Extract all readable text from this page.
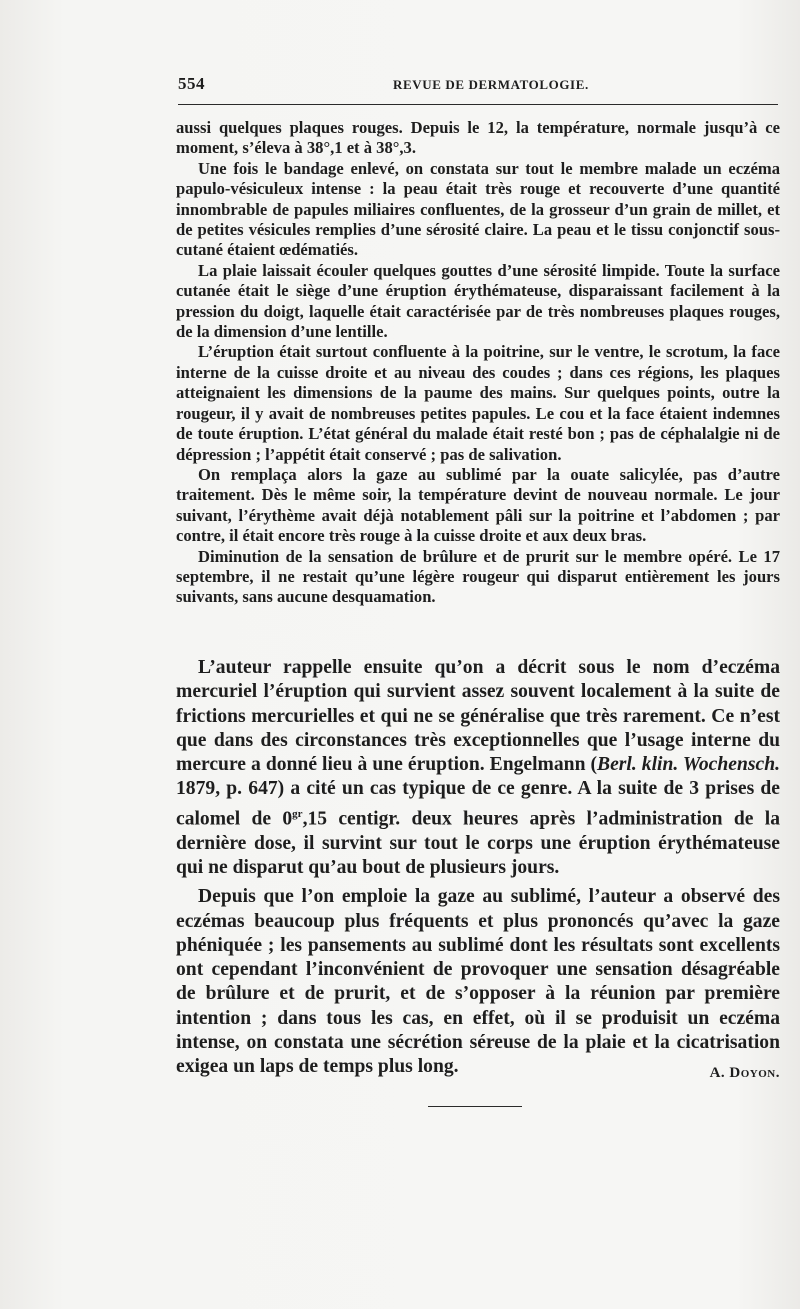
554	REVUE DE DERMATOLOGIE.

aussi quelques plaques rouges. Depuis le 12, la température, normale jusqu’à ce moment, s’éleva à 38°,1 et à 38°,3.

Une fois le bandage enlevé, on constata sur tout le membre malade un eczéma papulo-vésiculeux intense : la peau était très rouge et recouverte d’une quantité innombrable de papules miliaires confluentes, de la grosseur d’un grain de millet, et de petites vésicules remplies d’une sérosité claire. La peau et le tissu conjonctif sous-cutané étaient œdématiés.

La plaie laissait écouler quelques gouttes d’une sérosité limpide. Toute la surface cutanée était le siège d’une éruption érythémateuse, disparaissant facilement à la pression du doigt, laquelle était caractérisée par de très nombreuses plaques rouges, de la dimension d’une lentille.

L’éruption était surtout confluente à la poitrine, sur le ventre, le scrotum, la face interne de la cuisse droite et au niveau des coudes ; dans ces régions, les plaques atteignaient les dimensions de la paume des mains. Sur quelques points, outre la rougeur, il y avait de nombreuses petites papules. Le cou et la face étaient indemnes de toute éruption. L’état général du malade était resté bon ; pas de céphalalgie ni de dépression ; l’appétit était conservé ; pas de salivation.

On remplaça alors la gaze au sublimé par la ouate salicylée, pas d’autre traitement. Dès le même soir, la température devint de nouveau normale. Le jour suivant, l’érythème avait déjà notablement pâli sur la poitrine et l’abdomen ; par contre, il était encore très rouge à la cuisse droite et aux deux bras.

Diminution de la sensation de brûlure et de prurit sur le membre opéré. Le 17 septembre, il ne restait qu’une légère rougeur qui disparut entièrement les jours suivants, sans aucune desquamation.

L’auteur rappelle ensuite qu’on a décrit sous le nom d’eczéma mercuriel l’éruption qui survient assez souvent localement à la suite de frictions mercurielles et qui ne se généralise que très rarement. Ce n’est que dans des circonstances très exceptionnelles que l’usage interne du mercure a donné lieu à une éruption. Engelmann (Berl. klin. Wochensch. 1879, p. 647) a cité un cas typique de ce genre. A la suite de 3 prises de calomel de $0^{gr},15$ centigr. deux heures après l’administration de la dernière dose, il survint sur tout le corps une éruption érythémateuse qui ne disparut qu’au bout de plusieurs jours.

Depuis que l’on emploie la gaze au sublimé, l’auteur a observé des eczémas beaucoup plus fréquents et plus prononcés qu’avec la gaze phéniquée ; les pansements au sublimé dont les résultats sont excellents ont cependant l’inconvénient de provoquer une sensation désagréable de brûlure et de prurit, et de s’opposer à la réunion par première intention ; dans tous les cas, en effet, où il se produisit un eczéma intense, on constata une sécrétion séreuse de la plaie et la cicatrisation exigea un laps de temps plus long.	A. Doyon.
